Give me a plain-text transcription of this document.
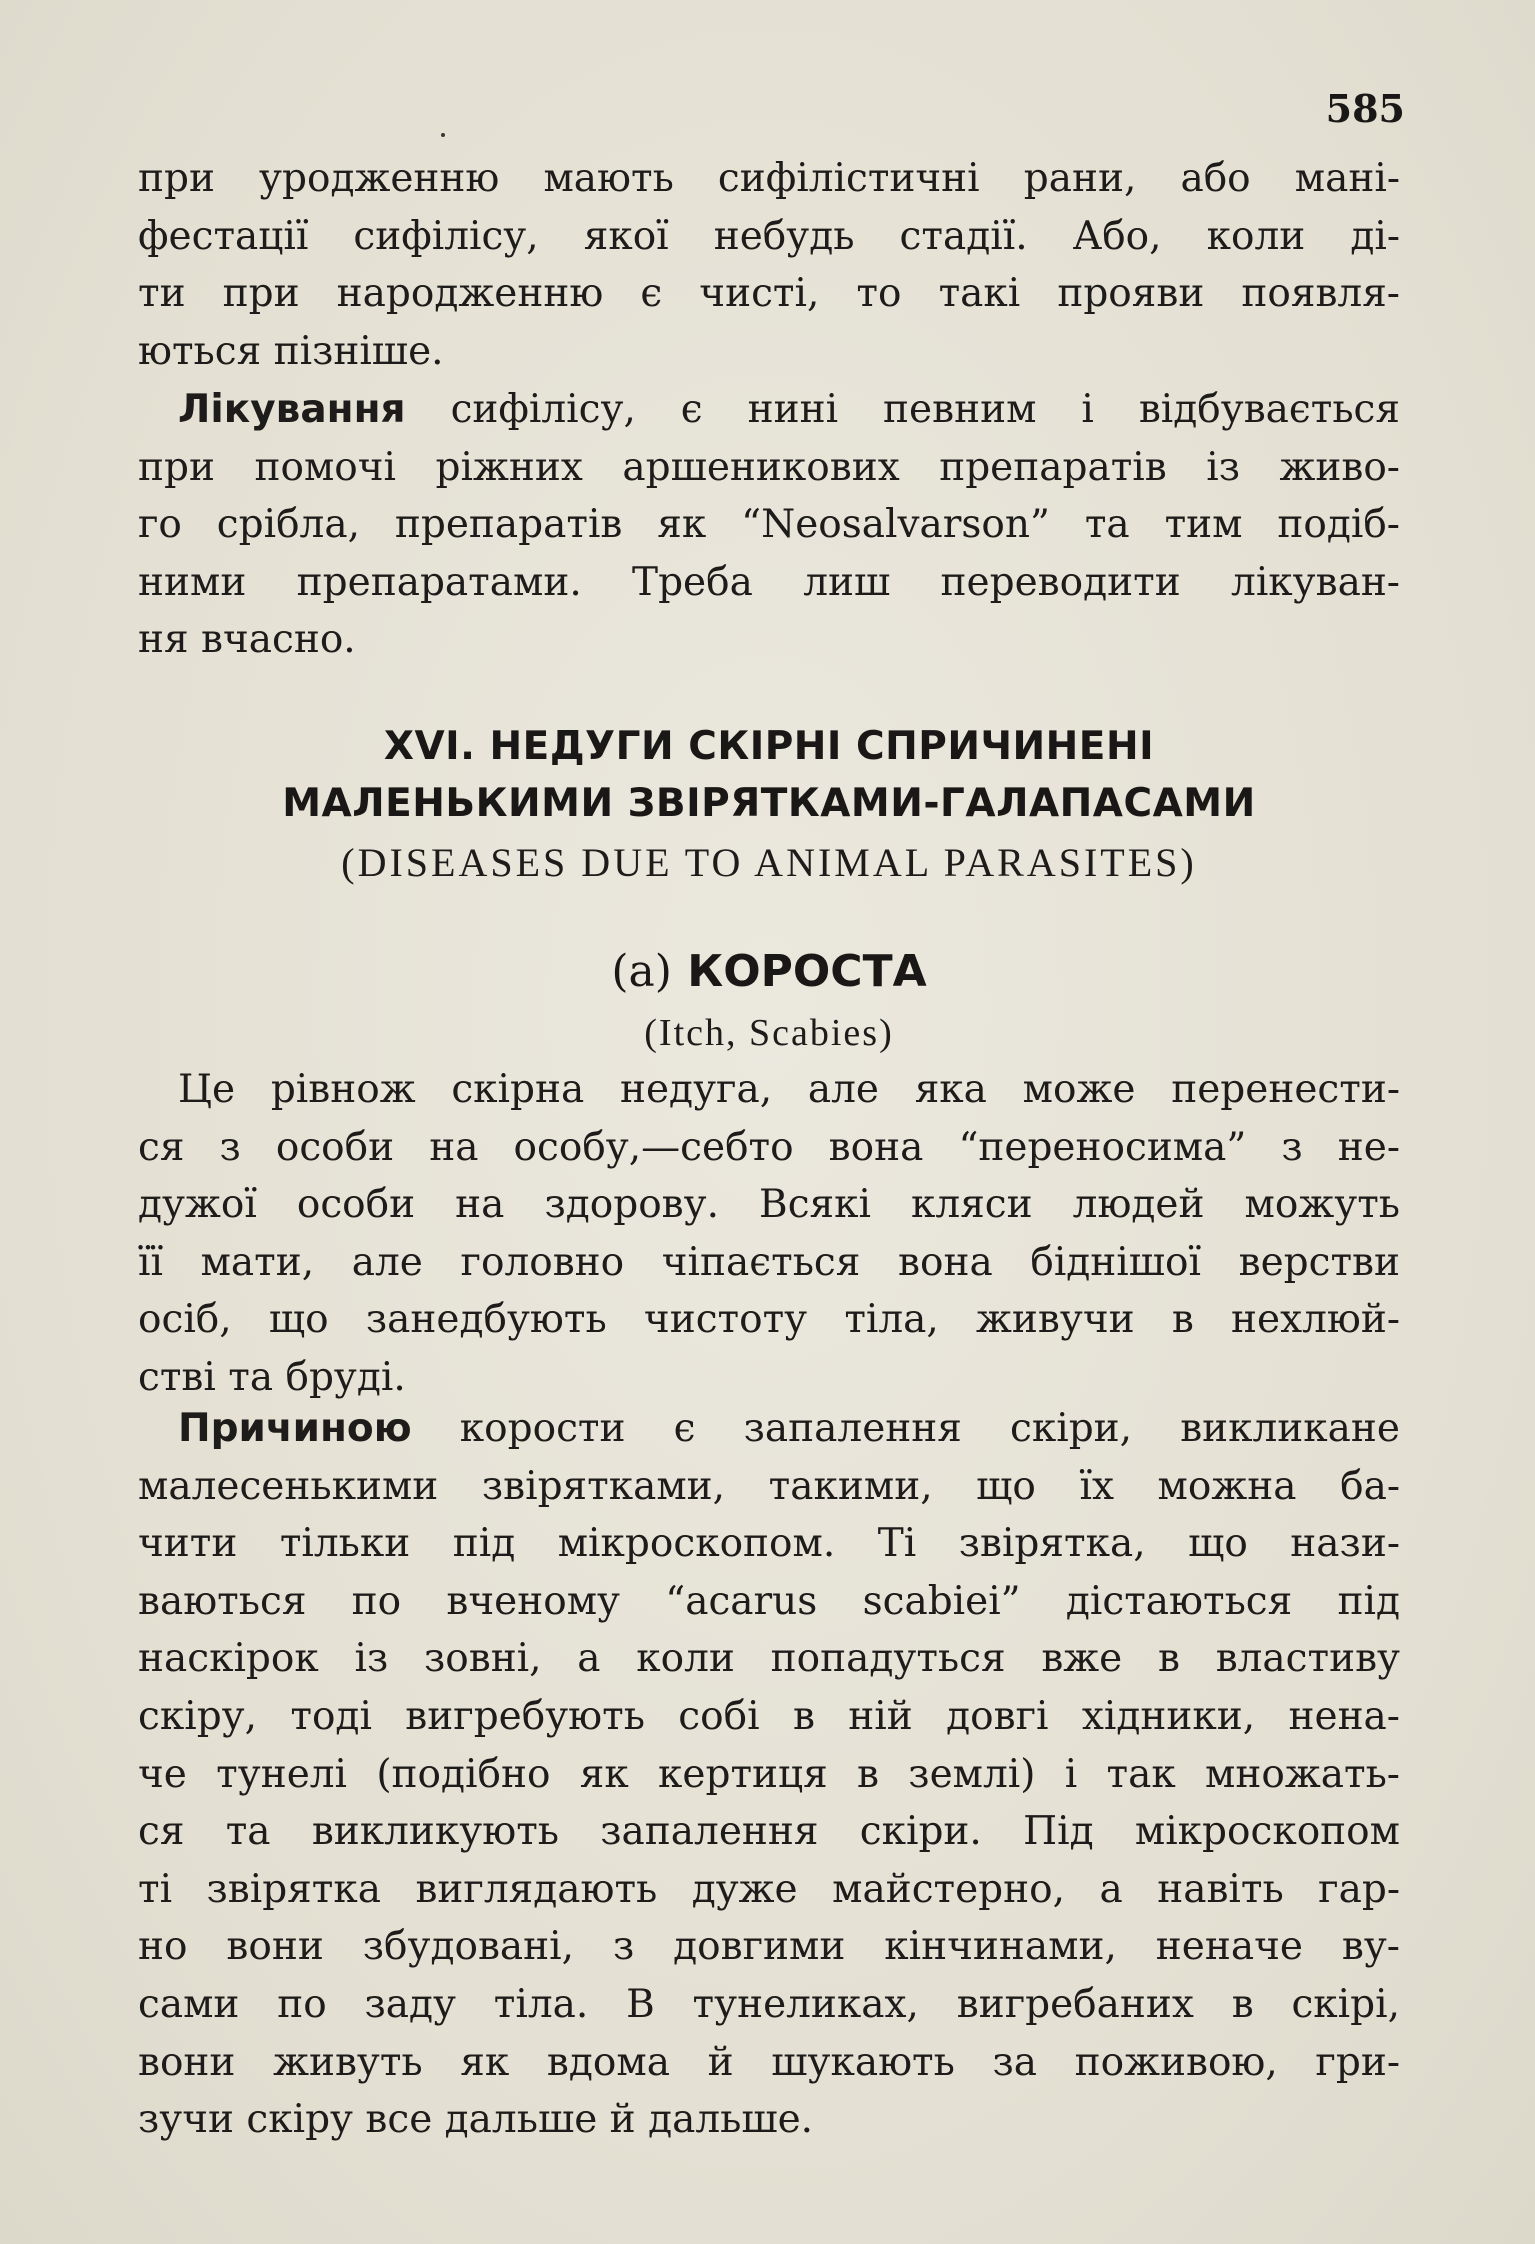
585
при уродженню мають сифілістичні рани, або мані-
фестації сифілісу, якої небудь стадії. Або, коли ді-
ти при народженню є чисті, то такі прояви появля-
ються пізніше.
Лікування сифілісу, є нині певним і відбувається
при помочі ріжних аршеникових препаратів із живо-
го срібла, препаратів як “Neosalvarson” та тим подіб-
ними препаратами. Треба лиш переводити лікуван-
ня вчасно.
XVI. НЕДУГИ СКІРНІ СПРИЧИНЕНІ
МАЛЕНЬКИМИ ЗВІРЯТКАМИ-ГАЛАПАСАМИ
(DISEASES DUE TO ANIMAL PARASITES)
(а) КОРОСТА
(Itch, Scabies)
Це рівнож скірна недуга, але яка може перенести-
ся з особи на особу,—себто вона “переносима” з не-
дужої особи на здорову. Всякі кляси людей можуть
її мати, але головно чіпається вона біднішої верстви
осіб, що занедбують чистоту тіла, живучи в нехлюй-
стві та бруді.
Причиною корости є запалення скіри, викликане
малесенькими звірятками, такими, що їх можна ба-
чити тільки під мікроскопом. Ті звірятка, що нази-
ваються по вченому “acarus scabiei” дістаються під
наскірок із зовні, а коли попадуться вже в властиву
скіру, тоді вигребують собі в ній довгі хідники, нена-
че тунелі (подібно як кертиця в землі) і так множать-
ся та викликують запалення скіри. Під мікроскопом
ті звірятка виглядають дуже майстерно, а навіть гар-
но вони збудовані, з довгими кінчинами, неначе ву-
сами по заду тіла. В тунеликах, вигребаних в скірі,
вони живуть як вдома й шукають за поживою, гри-
зучи скіру все дальше й дальше.
